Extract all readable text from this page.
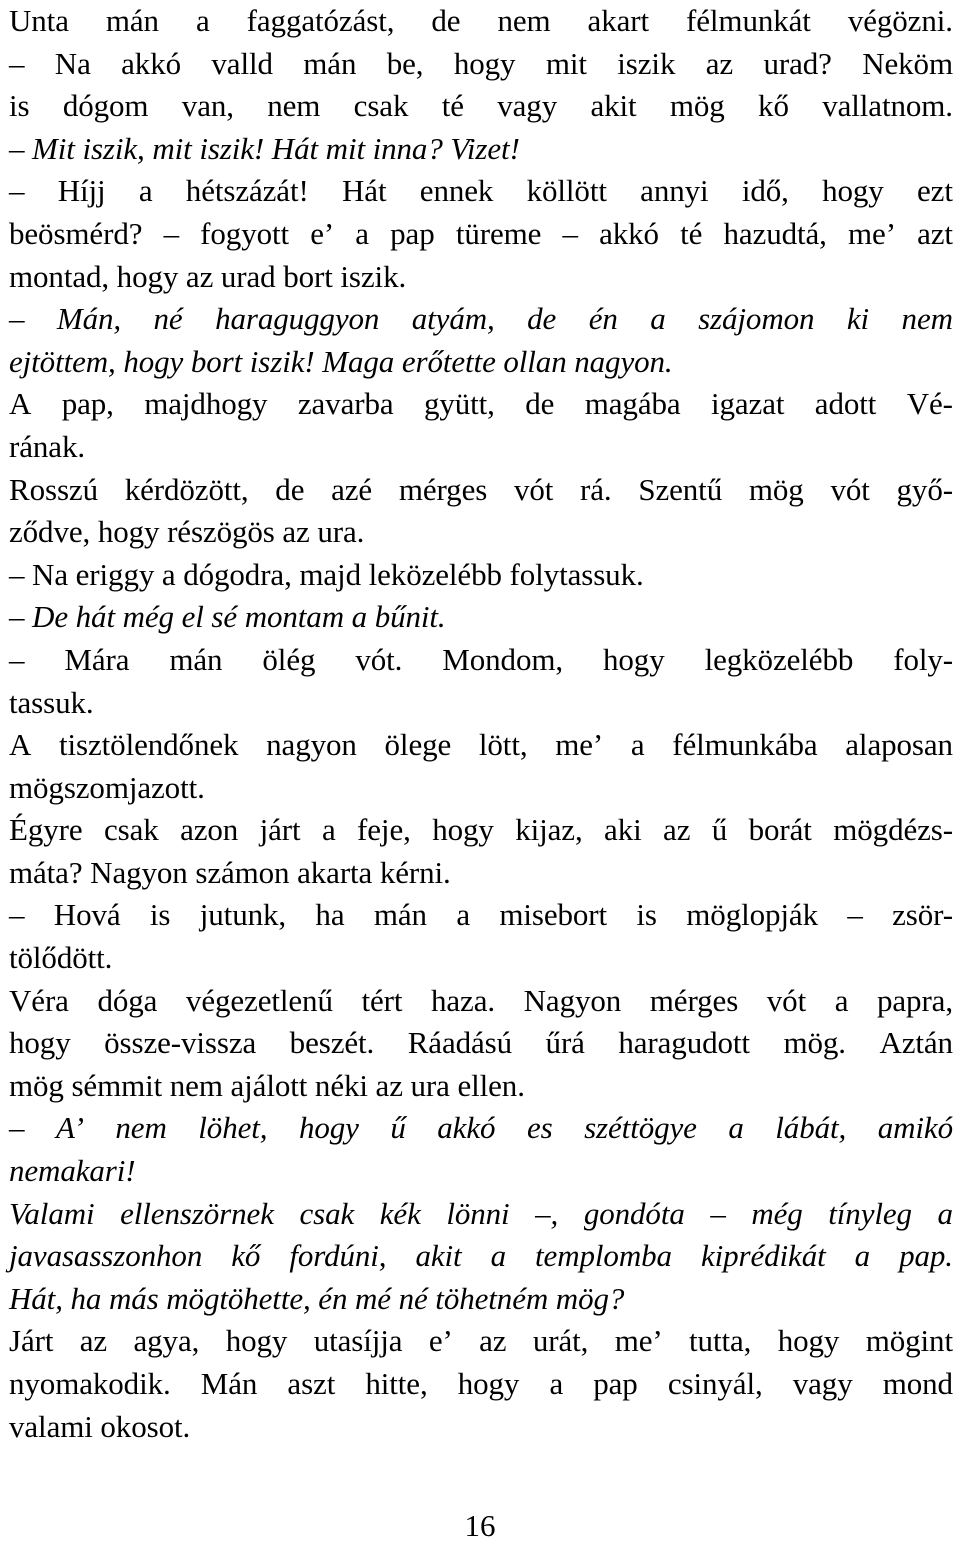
Unta mán a faggatózást, de nem akart félmunkát végözni.
– Na akkó valld mán be, hogy mit iszik az urad? Neköm
is dógom van, nem csak té vagy akit mög kő vallatnom.
– Mit iszik, mit iszik! Hát mit inna? Vizet!
– Híjj a hétszázát! Hát ennek köllött annyi idő, hogy ezt
beösmérd? – fogyott e’ a pap türeme – akkó té hazudtá, me’ azt
montad, hogy az urad bort iszik.
– Mán, né haraguggyon atyám, de én a szájomon ki nem
ejtöttem, hogy bort iszik! Maga erőtette ollan nagyon.
A pap, majdhogy zavarba gyütt, de magába igazat adott Vé-
rának.
Rosszú kérdözött, de azé mérges vót rá. Szentű mög vót győ-
ződve, hogy részögös az ura.
– Na eriggy a dógodra, majd leközelébb folytassuk.
– De hát még el sé montam a bűnit.
– Mára mán ölég vót. Mondom, hogy legközelébb foly-
tassuk.
A tisztölendőnek nagyon ölege lött, me’ a félmunkába alaposan
mögszomjazott.
Égyre csak azon járt a feje, hogy kijaz, aki az ű borát mögdézs-
máta? Nagyon számon akarta kérni.
– Hová is jutunk, ha mán a misebort is möglopják – zsör-
tölődött.
Véra dóga végezetlenű tért haza. Nagyon mérges vót a papra,
hogy össze-vissza beszét. Ráadású űrá haragudott mög. Aztán
mög sémmit nem ajálott néki az ura ellen.
– A’ nem löhet, hogy ű akkó es széttögye a lábát, amikó
nemakari!
Valami ellenszörnek csak kék lönni –, gondóta – még tínyleg a
javasasszonhon kő fordúni, akit a templomba kiprédikát a pap.
Hát, ha más mögtöhette, én mé né töhetném mög?
Járt az agya, hogy utasíjja e’ az urát, me’ tutta, hogy mögint
nyomakodik. Mán aszt hitte, hogy a pap csinyál, vagy mond
valami okosot.
16
